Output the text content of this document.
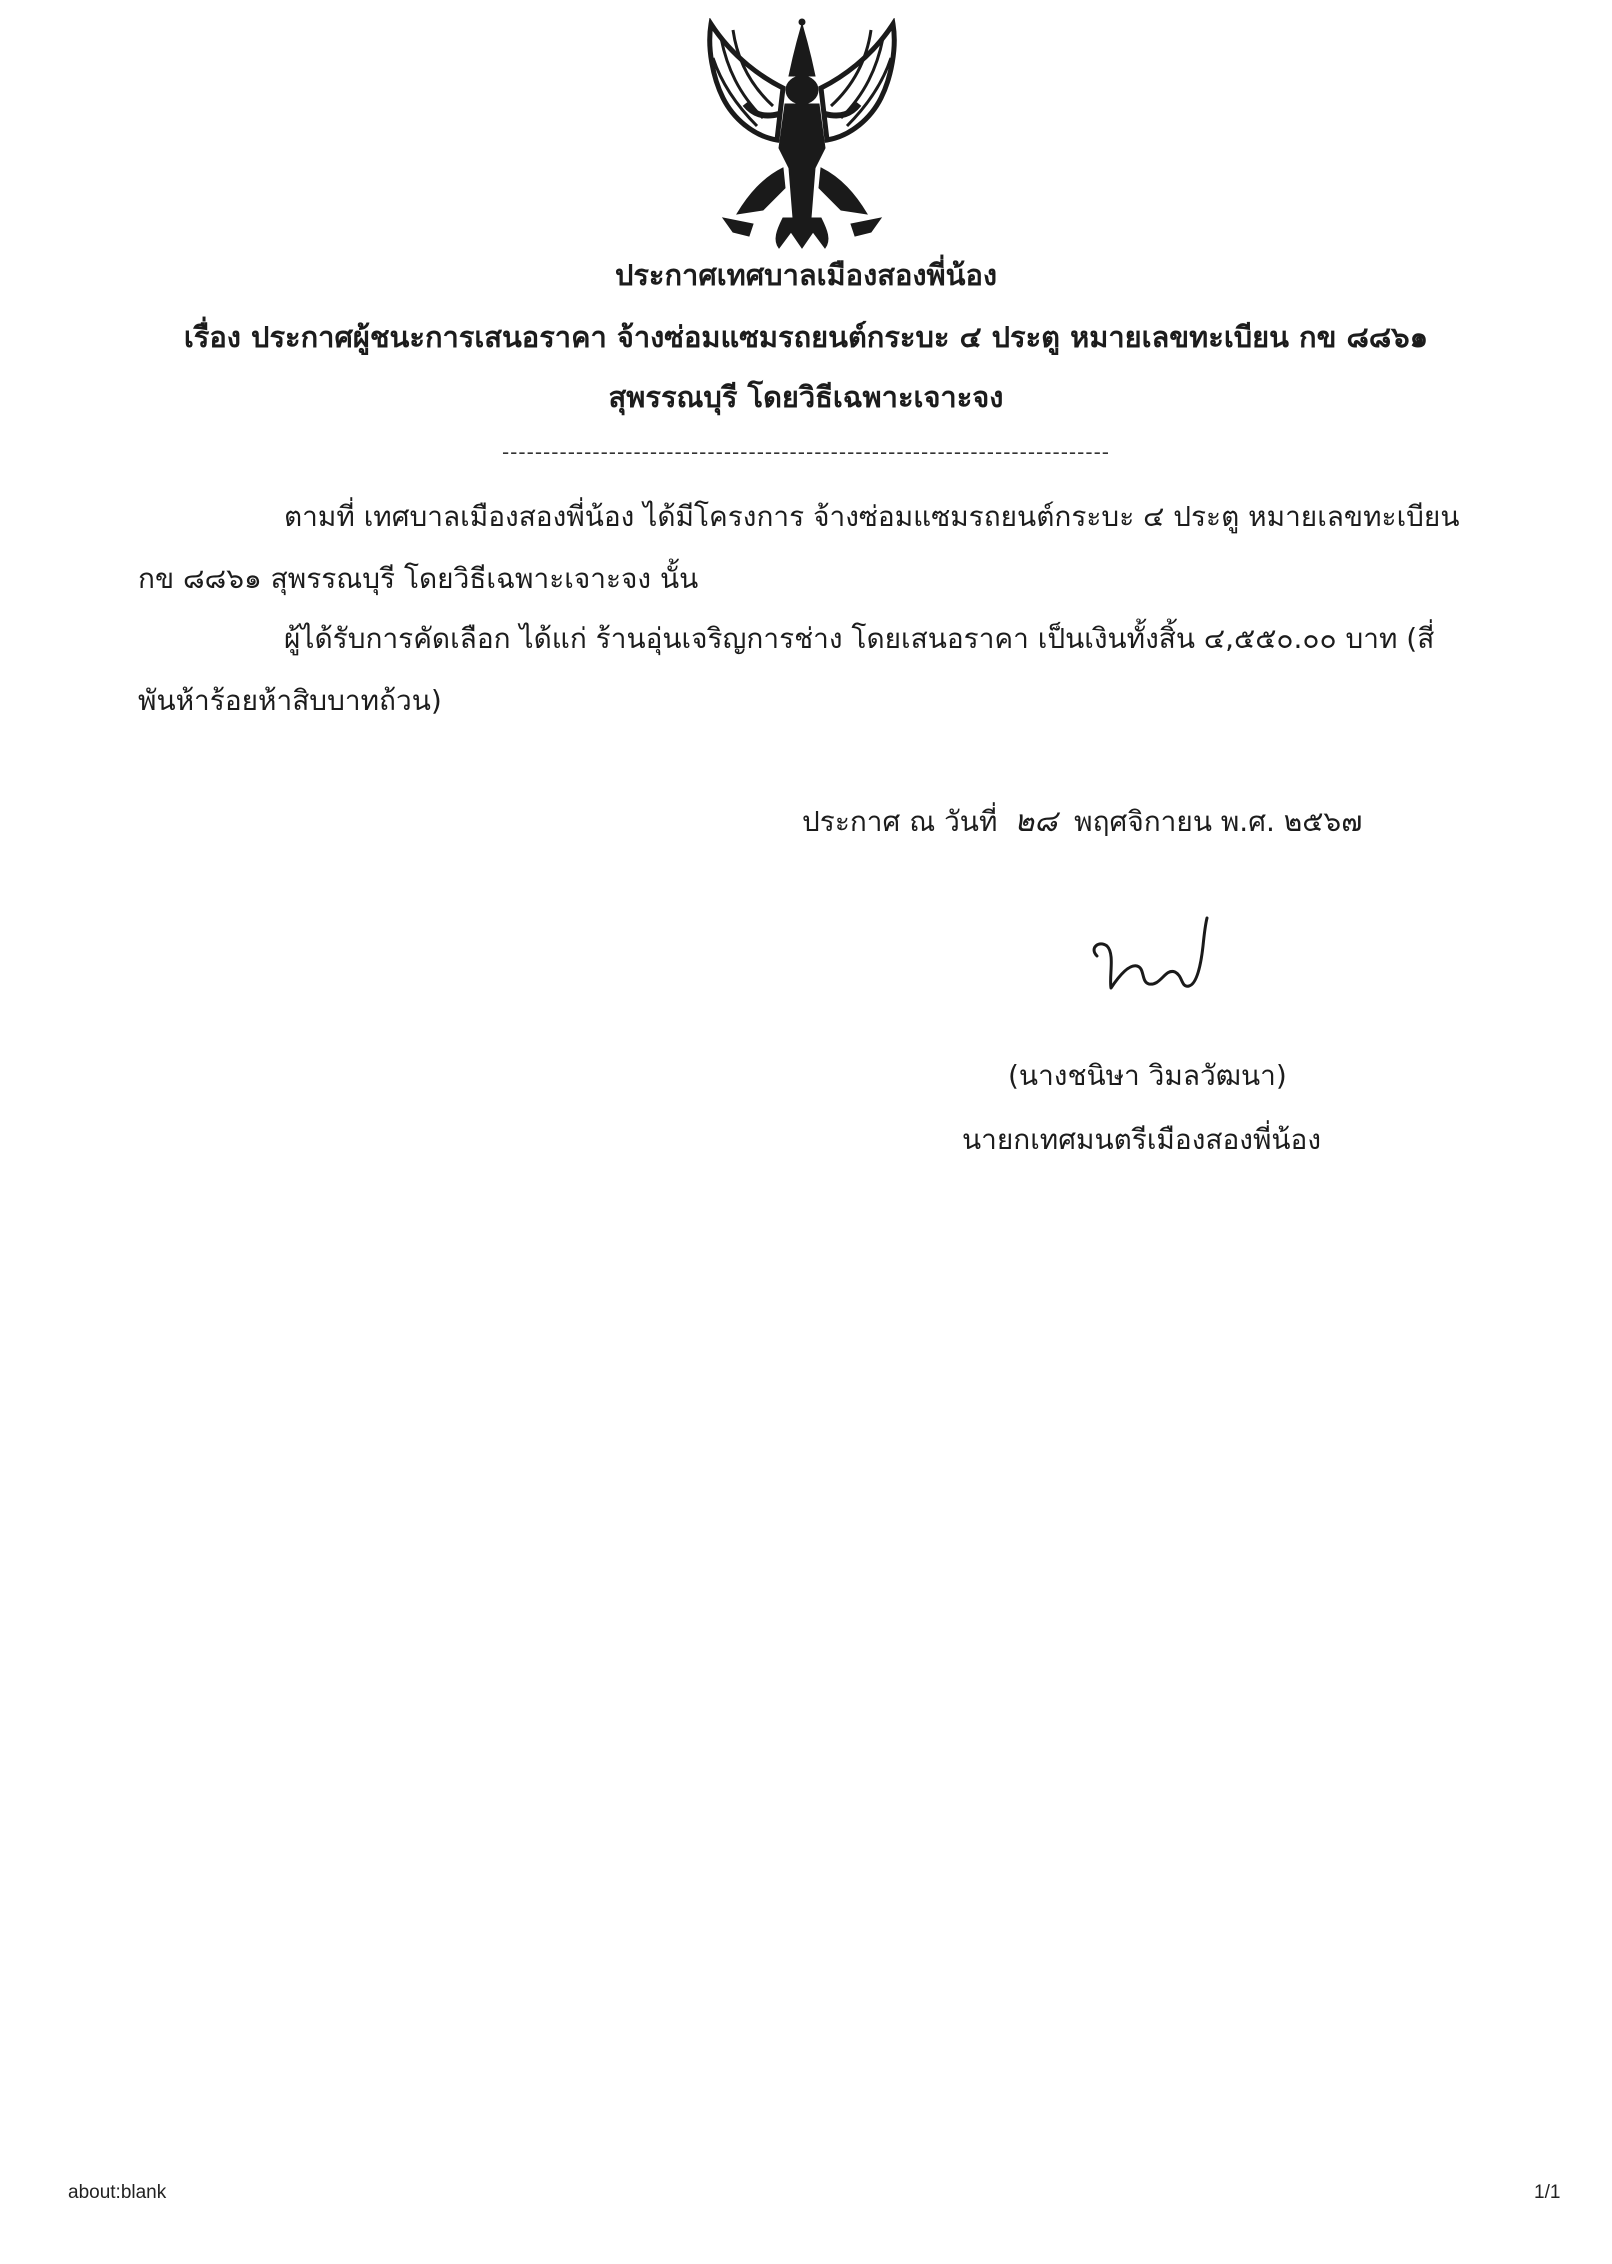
ประกาศเทศบาลเมืองสองพี่น้อง
เรื่อง ประกาศผู้ชนะการเสนอราคา จ้างซ่อมแซมรถยนต์กระบะ ๔ ประตู หมายเลขทะเบียน กข ๘๘๖๑
สุพรรณบุรี โดยวิธีเฉพาะเจาะจง
--------------------------------------------------------------------------
ตามที่ เทศบาลเมืองสองพี่น้อง ได้มีโครงการ จ้างซ่อมแซมรถยนต์กระบะ ๔ ประตู หมายเลขทะเบียน กข ๘๘๖๑ สุพรรณบุรี โดยวิธีเฉพาะเจาะจง นั้น
ผู้ได้รับการคัดเลือก ได้แก่ ร้านอุ่นเจริญการช่าง โดยเสนอราคา เป็นเงินทั้งสิ้น ๔,๕๕๐.๐๐ บาท (สี่พันห้าร้อยห้าสิบบาทถ้วน)
ประกาศ ณ วันที่ ๒๘ พฤศจิกายน พ.ศ. ๒๕๖๗
(นางชนิษา วิมลวัฒนา)
นายกเทศมนตรีเมืองสองพี่น้อง
about:blank	1/1
